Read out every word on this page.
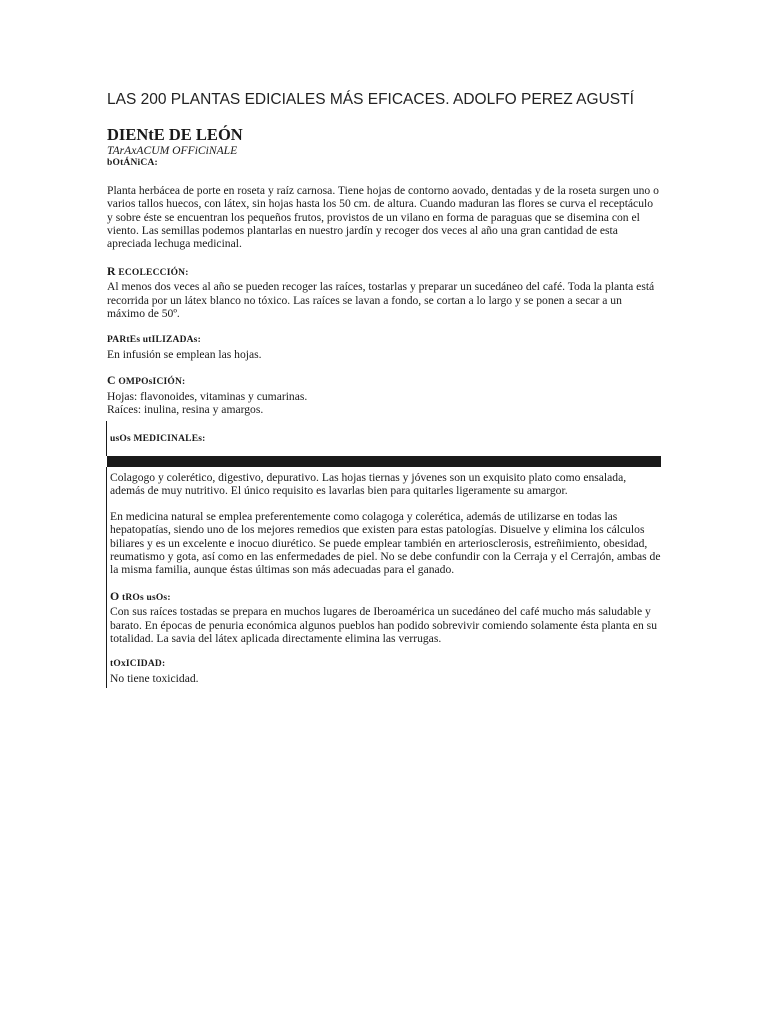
LAS 200 PLANTAS EDICIALES MÁS EFICACES. ADOLFO PEREZ AGUSTÍ

DIENtE DE LEÓN

TArAxACUM OFFiCiNALE

bOtÁNiCA:

Planta herbácea de porte en roseta y raíz carnosa. Tiene hojas de contorno aovado, dentadas y de la roseta surgen uno o varios tallos huecos, con látex, sin hojas hasta los 50 cm. de altura. Cuando maduran las flores se curva el receptáculo y sobre éste se encuentran los pequeños frutos, provistos de un vilano en forma de paraguas que se disemina con el viento. Las semillas podemos plantarlas en nuestro jardín y recoger dos veces al año una gran cantidad de esta apreciada lechuga medicinal.

R ECOLECCIÓN:

Al menos dos veces al año se pueden recoger las raíces, tostarlas y preparar un sucedáneo del café. Toda la planta está recorrida por un látex blanco no tóxico. Las raíces se lavan a fondo, se cortan a lo largo y se ponen a secar a un máximo de 50º.

PARtEs utILIZADAs:

En infusión se emplean las hojas.

C OMPOsICIÓN:

Hojas: flavonoides, vitaminas y cumarinas.

Raíces: inulina, resina y amargos.

usOs MEDICINALEs:

Colagogo y colerético, digestivo, depurativo. Las hojas tiernas y jóvenes son un exquisito plato como ensalada, además de muy nutritivo. El único requisito es lavarlas bien para quitarles ligeramente su amargor.

En medicina natural se emplea preferentemente como colagoga y colerética, además de utilizarse en todas las hepatopatías, siendo uno de los mejores remedios que existen para estas patologías. Disuelve y elimina los cálculos biliares y es un excelente e inocuo diurético. Se puede emplear también en arteriosclerosis, estreñimiento, obesidad, reumatismo y gota, así como en las enfermedades de piel. No se debe confundir con la Cerraja y el Cerrajón, ambas de la misma familia, aunque éstas últimas son más adecuadas para el ganado.

O tROs usOs:

Con sus raíces tostadas se prepara en muchos lugares de Iberoamérica un sucedáneo del café mucho más saludable y barato. En épocas de penuria económica algunos pueblos han podido sobrevivir comiendo solamente ésta planta en su totalidad. La savia del látex aplicada directamente elimina las verrugas.

tOxICIDAD:

No tiene toxicidad.
